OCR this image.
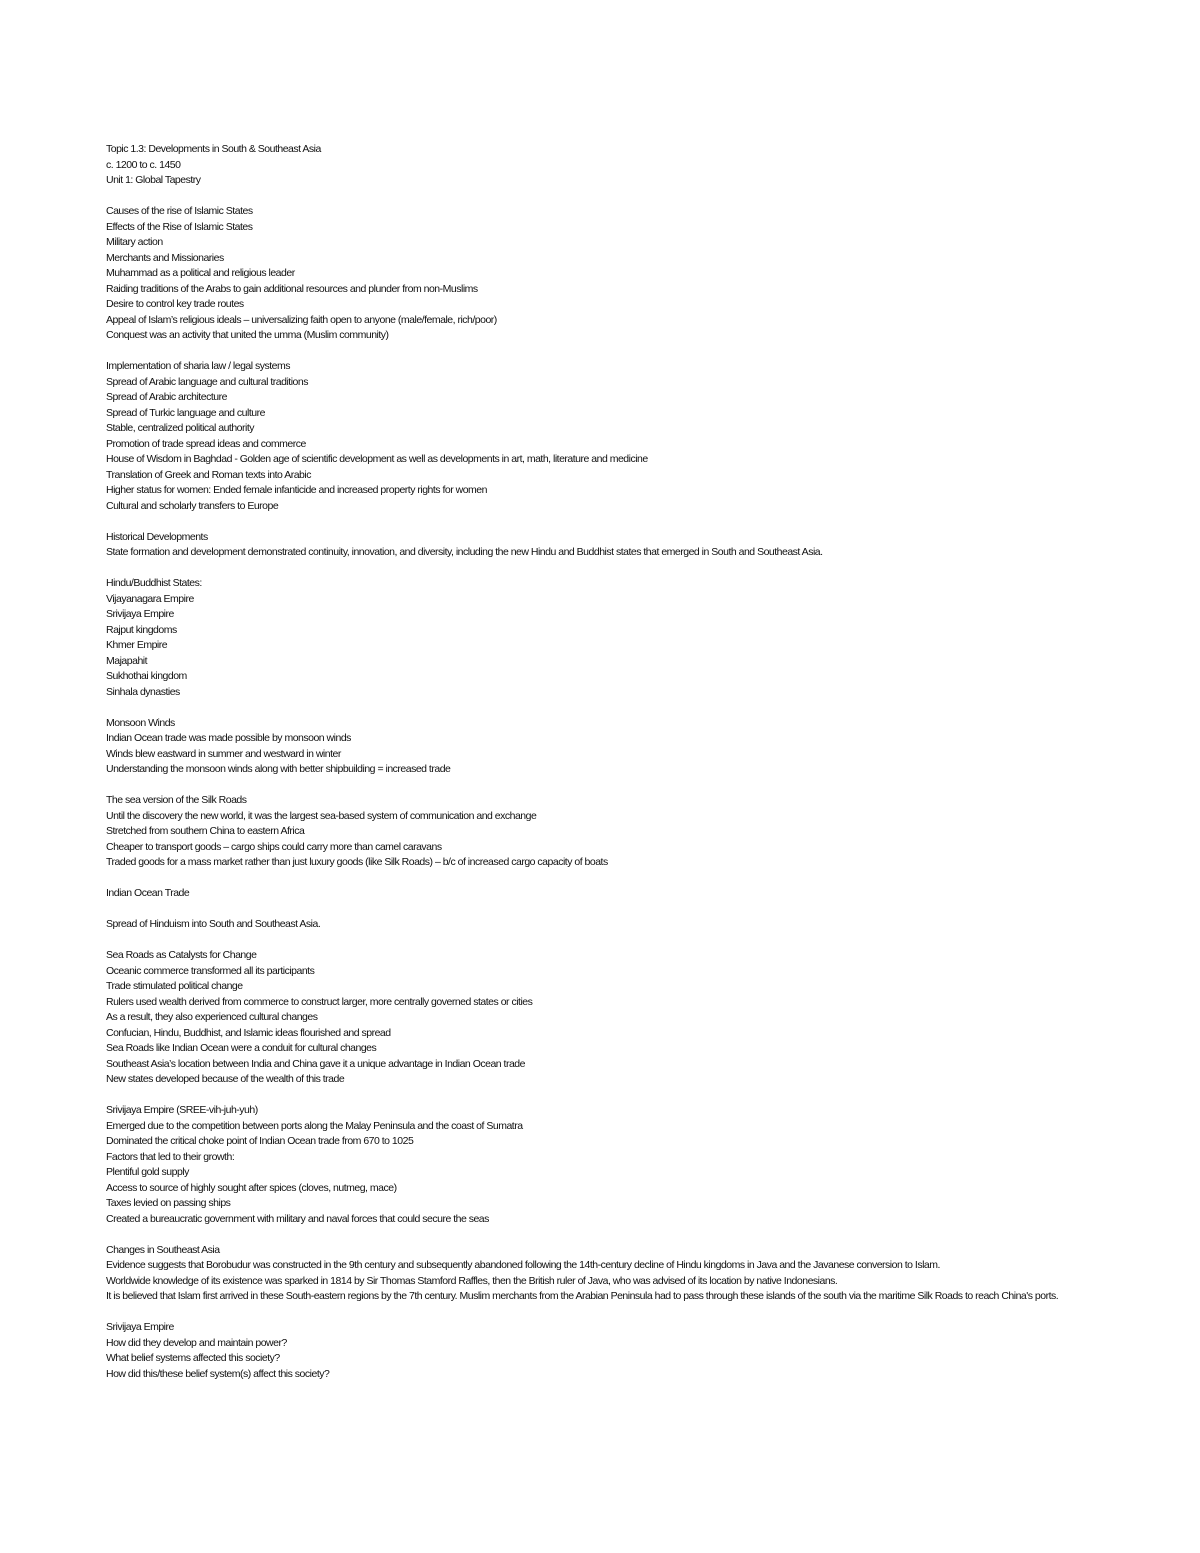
Topic 1.3: Developments in South & Southeast Asia
c. 1200 to c. 1450
Unit 1: Global Tapestry
Causes of the rise of Islamic States
Effects of the Rise of Islamic States
Military action
Merchants and Missionaries
Muhammad as a political and religious leader
Raiding traditions of the Arabs to gain additional resources and plunder from non-Muslims
Desire to control key trade routes
Appeal of Islam’s religious ideals – universalizing faith open to anyone (male/female, rich/poor)
Conquest was an activity that united the umma (Muslim community)
Implementation of sharia law / legal systems
Spread of Arabic language and cultural traditions
Spread of Arabic architecture
Spread of Turkic language and culture
Stable, centralized political authority
Promotion of trade spread ideas and commerce
House of Wisdom in Baghdad - Golden age of scientific development as well as developments in art, math, literature and medicine
Translation of Greek and Roman texts into Arabic
Higher status for women: Ended female infanticide and increased property rights for women
Cultural and scholarly transfers to Europe
Historical Developments
State formation and development demonstrated continuity, innovation, and diversity, including the new Hindu and Buddhist states that emerged in South and Southeast Asia.
Hindu/Buddhist States:
Vijayanagara Empire
Srivijaya Empire
Rajput kingdoms
Khmer Empire
Majapahit
Sukhothai kingdom
Sinhala dynasties
Monsoon Winds
Indian Ocean trade was made possible by monsoon winds
Winds blew eastward in summer and westward in winter
Understanding the monsoon winds along with better shipbuilding = increased trade
The sea version of the Silk Roads
Until the discovery the new world, it was the largest sea-based system of communication and exchange
Stretched from southern China to eastern Africa
Cheaper to transport goods – cargo ships could carry more than camel caravans
Traded goods for a mass market rather than just luxury goods (like Silk Roads) – b/c of increased cargo capacity of boats
Indian Ocean Trade
Spread of Hinduism into South and Southeast Asia.
Sea Roads as Catalysts for Change
Oceanic commerce transformed all its participants
Trade stimulated political change
Rulers used wealth derived from commerce to construct larger, more centrally governed states or cities
As a result, they also experienced cultural changes
Confucian, Hindu, Buddhist, and Islamic ideas flourished and spread
Sea Roads like Indian Ocean were a conduit for cultural changes
Southeast Asia’s location between India and China gave it a unique advantage in Indian Ocean trade
New states developed because of the wealth of this trade
Srivijaya Empire (SREE-vih-juh-yuh)
Emerged due to the competition between ports along the Malay Peninsula and the coast of Sumatra
Dominated the critical choke point of Indian Ocean trade from 670 to 1025
Factors that led to their growth:
Plentiful gold supply
Access to source of highly sought after spices (cloves, nutmeg, mace)
Taxes levied on passing ships
Created a bureaucratic government with military and naval forces that could secure the seas
Changes in Southeast Asia
Evidence suggests that Borobudur was constructed in the 9th century and subsequently abandoned following the 14th-century decline of Hindu kingdoms in Java and the Javanese conversion to Islam.
Worldwide knowledge of its existence was sparked in 1814 by Sir Thomas Stamford Raffles, then the British ruler of Java, who was advised of its location by native Indonesians.
It is believed that Islam first arrived in these South-eastern regions by the 7th century. Muslim merchants from the Arabian Peninsula had to pass through these islands of the south via the maritime Silk Roads to reach China's ports.
Srivijaya Empire
How did they develop and maintain power?
What belief systems affected this society?
How did this/these belief system(s) affect this society?
